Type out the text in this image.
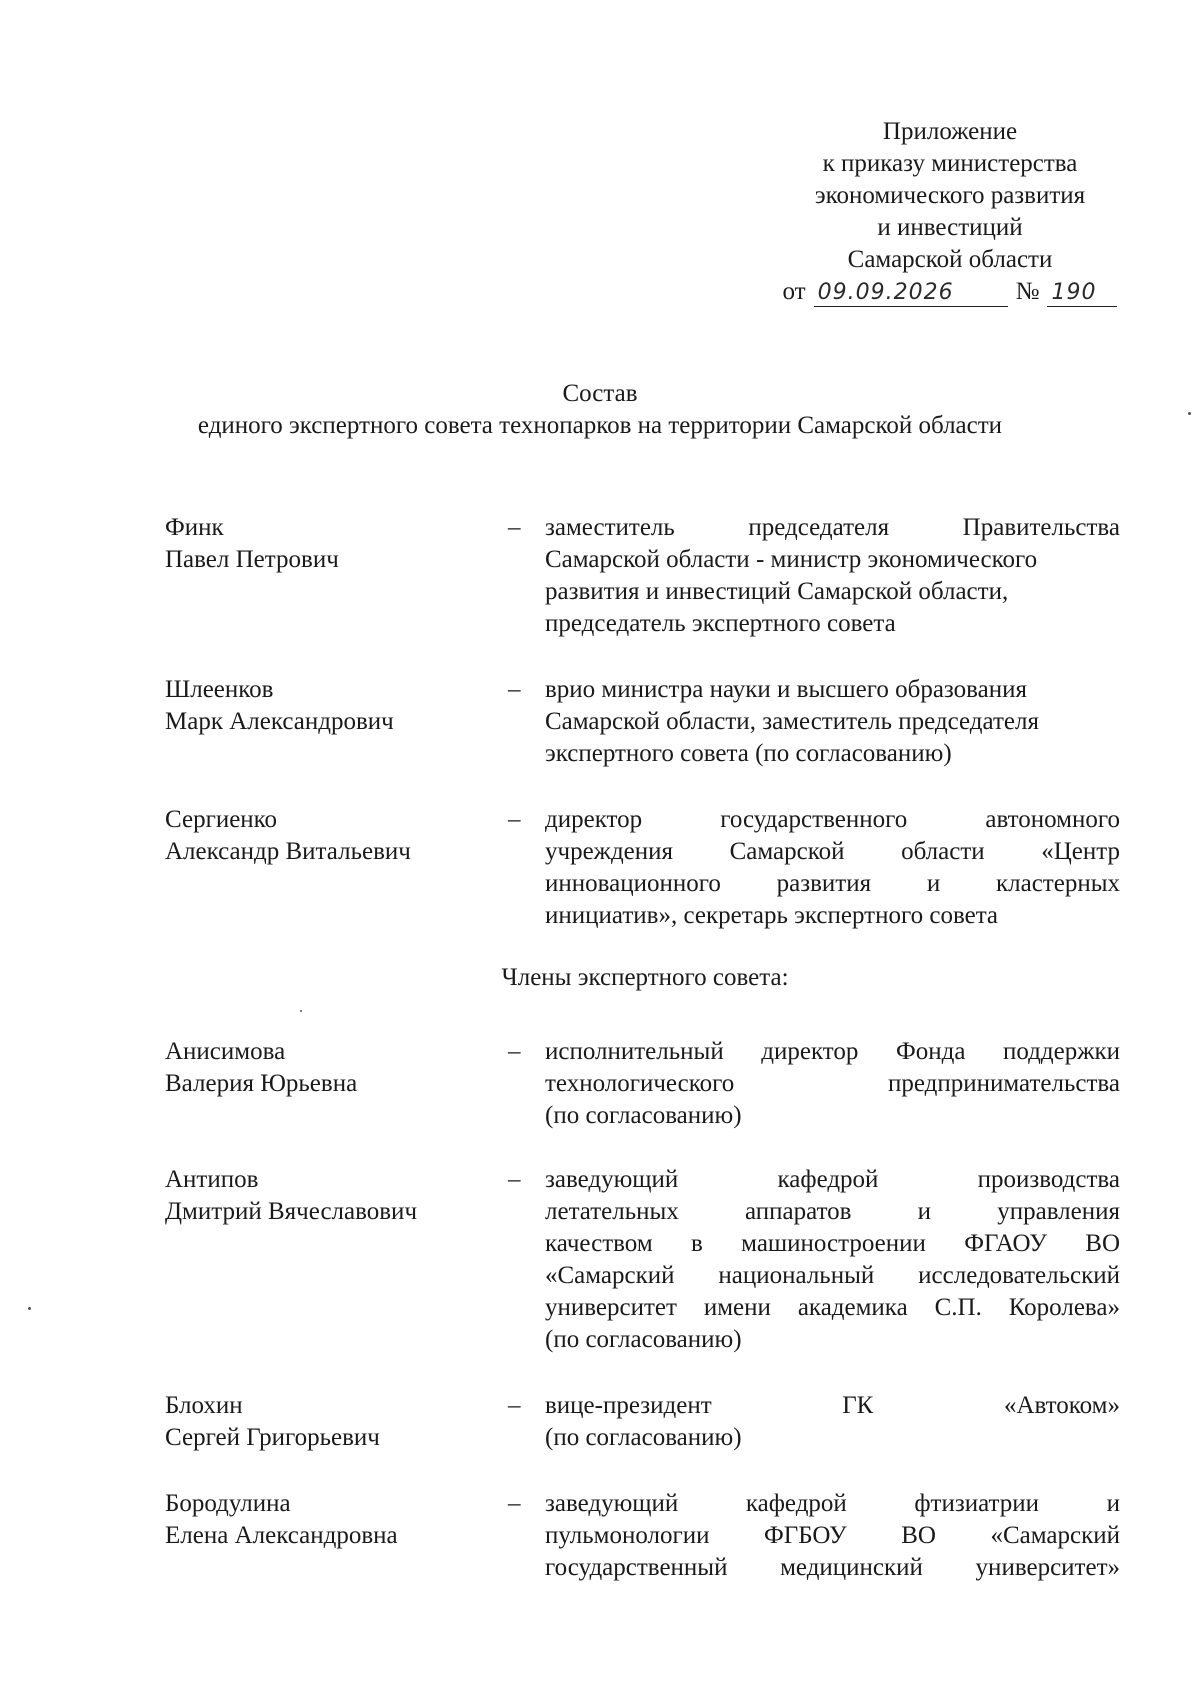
Приложение
к приказу министерства
экономического развития
и инвестиций
Самарской области
от 09.09.2026	№ 190
Состав
единого экспертного совета технопарков на территории Самарской области
Финк
Павел Петрович
– заместитель председателя Правительства
Самарской области - министр экономического
развития и инвестиций Самарской области,
председатель экспертного совета
Шлеенков
Марк Александрович
– врио министра науки и высшего образования
Самарской области, заместитель председателя
экспертного совета (по согласованию)
Сергиенко
Александр Витальевич
– директор государственного автономного
учреждения Самарской области «Центр
инновационного развития и кластерных
инициатив», секретарь экспертного совета
Члены экспертного совета:
Анисимова
Валерия Юрьевна
– исполнительный директор Фонда поддержки
технологического предпринимательства
(по согласованию)
Антипов
Дмитрий Вячеславович
– заведующий кафедрой производства
летательных аппаратов и управления
качеством в машиностроении ФГАОУ ВО
«Самарский национальный исследовательский
университет имени академика С.П. Королева»
(по согласованию)
Блохин
Сергей Григорьевич
– вице-президент ГК «Автоком»
(по согласованию)
Бородулина
Елена Александровна
– заведующий кафедрой фтизиатрии и
пульмонологии ФГБОУ ВО «Самарский
государственный медицинский университет»
